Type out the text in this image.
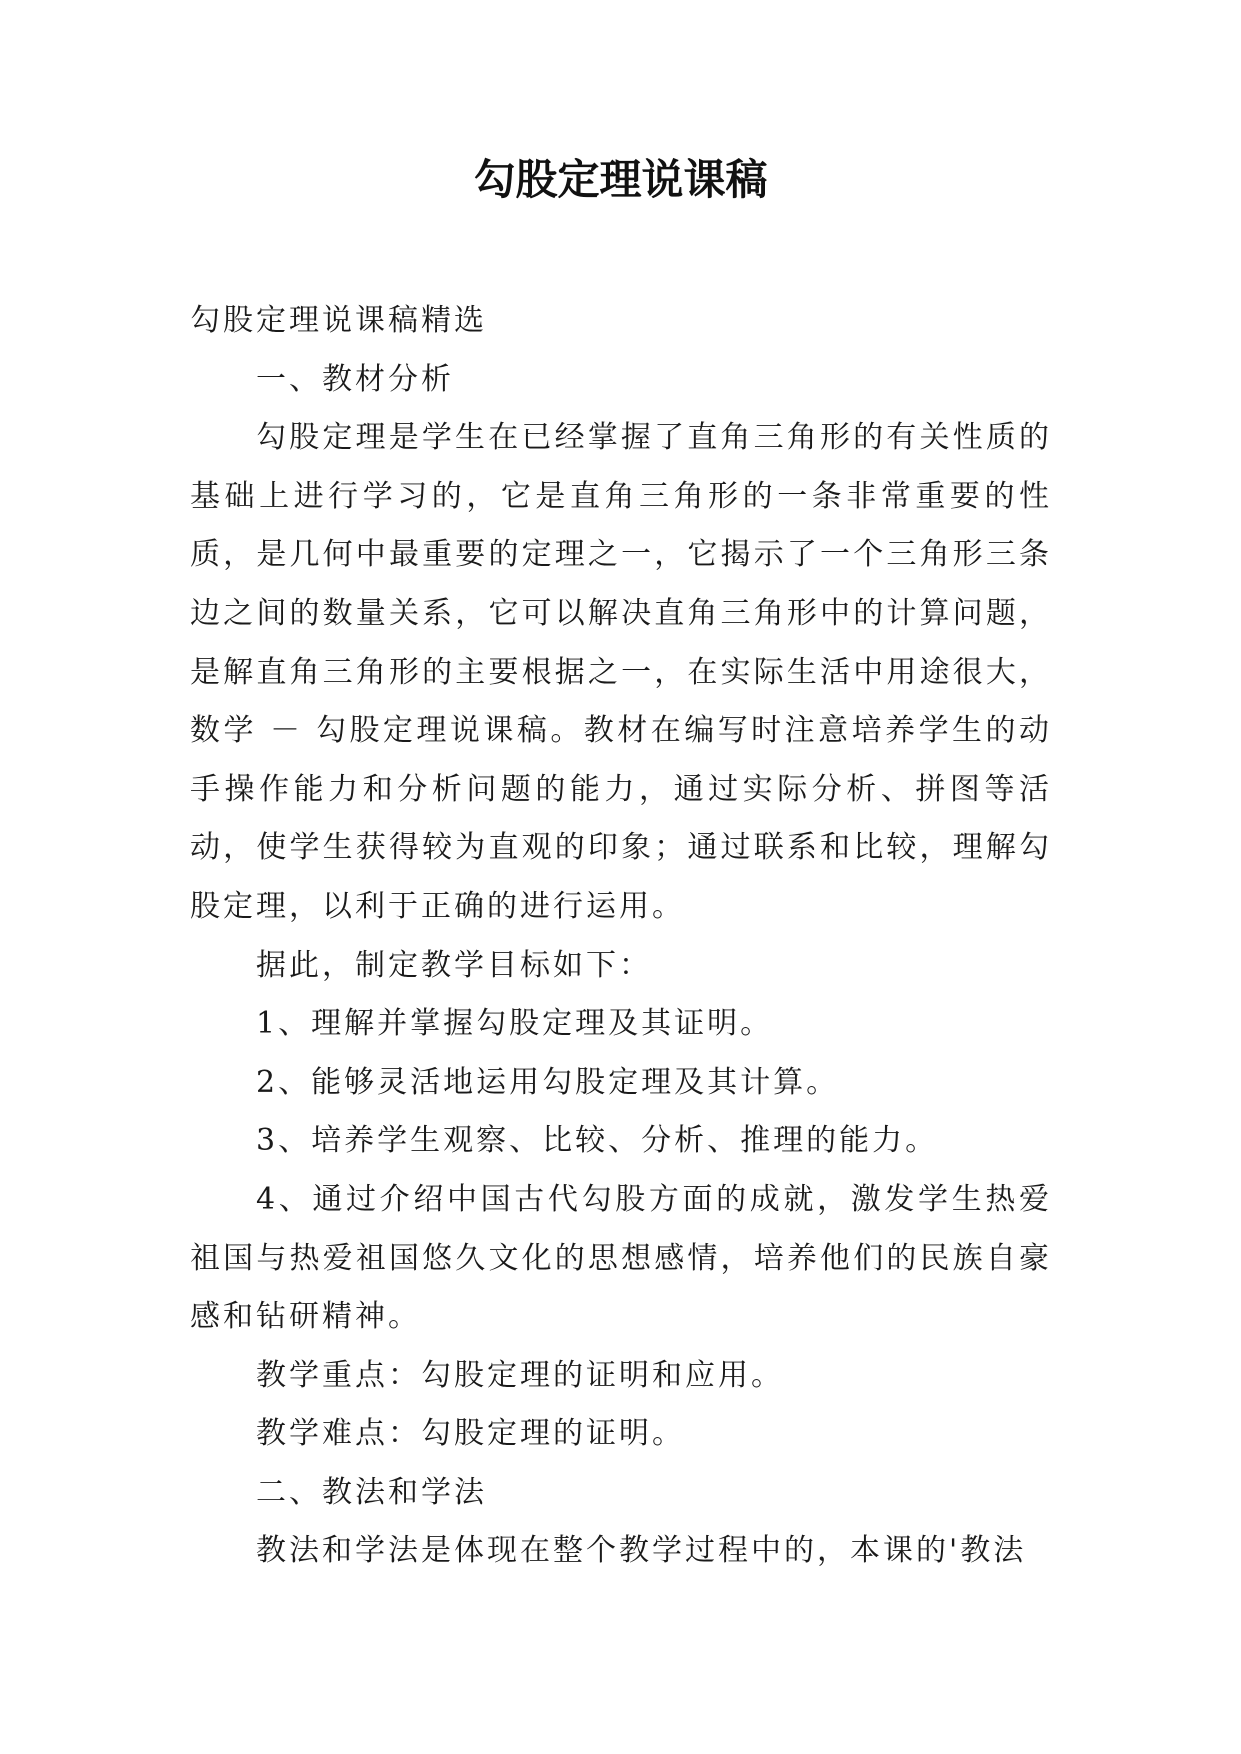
勾股定理说课稿

勾股定理说课稿精选

一、教材分析

勾股定理是学生在已经掌握了直角三角形的有关性质的基础上进行学习的，它是直角三角形的一条非常重要的性质，是几何中最重要的定理之一，它揭示了一个三角形三条边之间的数量关系，它可以解决直角三角形中的计算问题，是解直角三角形的主要根据之一，在实际生活中用途很大，数学 － 勾股定理说课稿。教材在编写时注意培养学生的动手操作能力和分析问题的能力，通过实际分析、拼图等活动，使学生获得较为直观的印象；通过联系和比较，理解勾股定理，以利于正确的进行运用。

据此，制定教学目标如下：

1、理解并掌握勾股定理及其证明。

2、能够灵活地运用勾股定理及其计算。

3、培养学生观察、比较、分析、推理的能力。

4、通过介绍中国古代勾股方面的成就，激发学生热爱祖国与热爱祖国悠久文化的思想感情，培养他们的民族自豪感和钻研精神。

教学重点：勾股定理的证明和应用。

教学难点：勾股定理的证明。

二、教法和学法

教法和学法是体现在整个教学过程中的，本课的'教法
